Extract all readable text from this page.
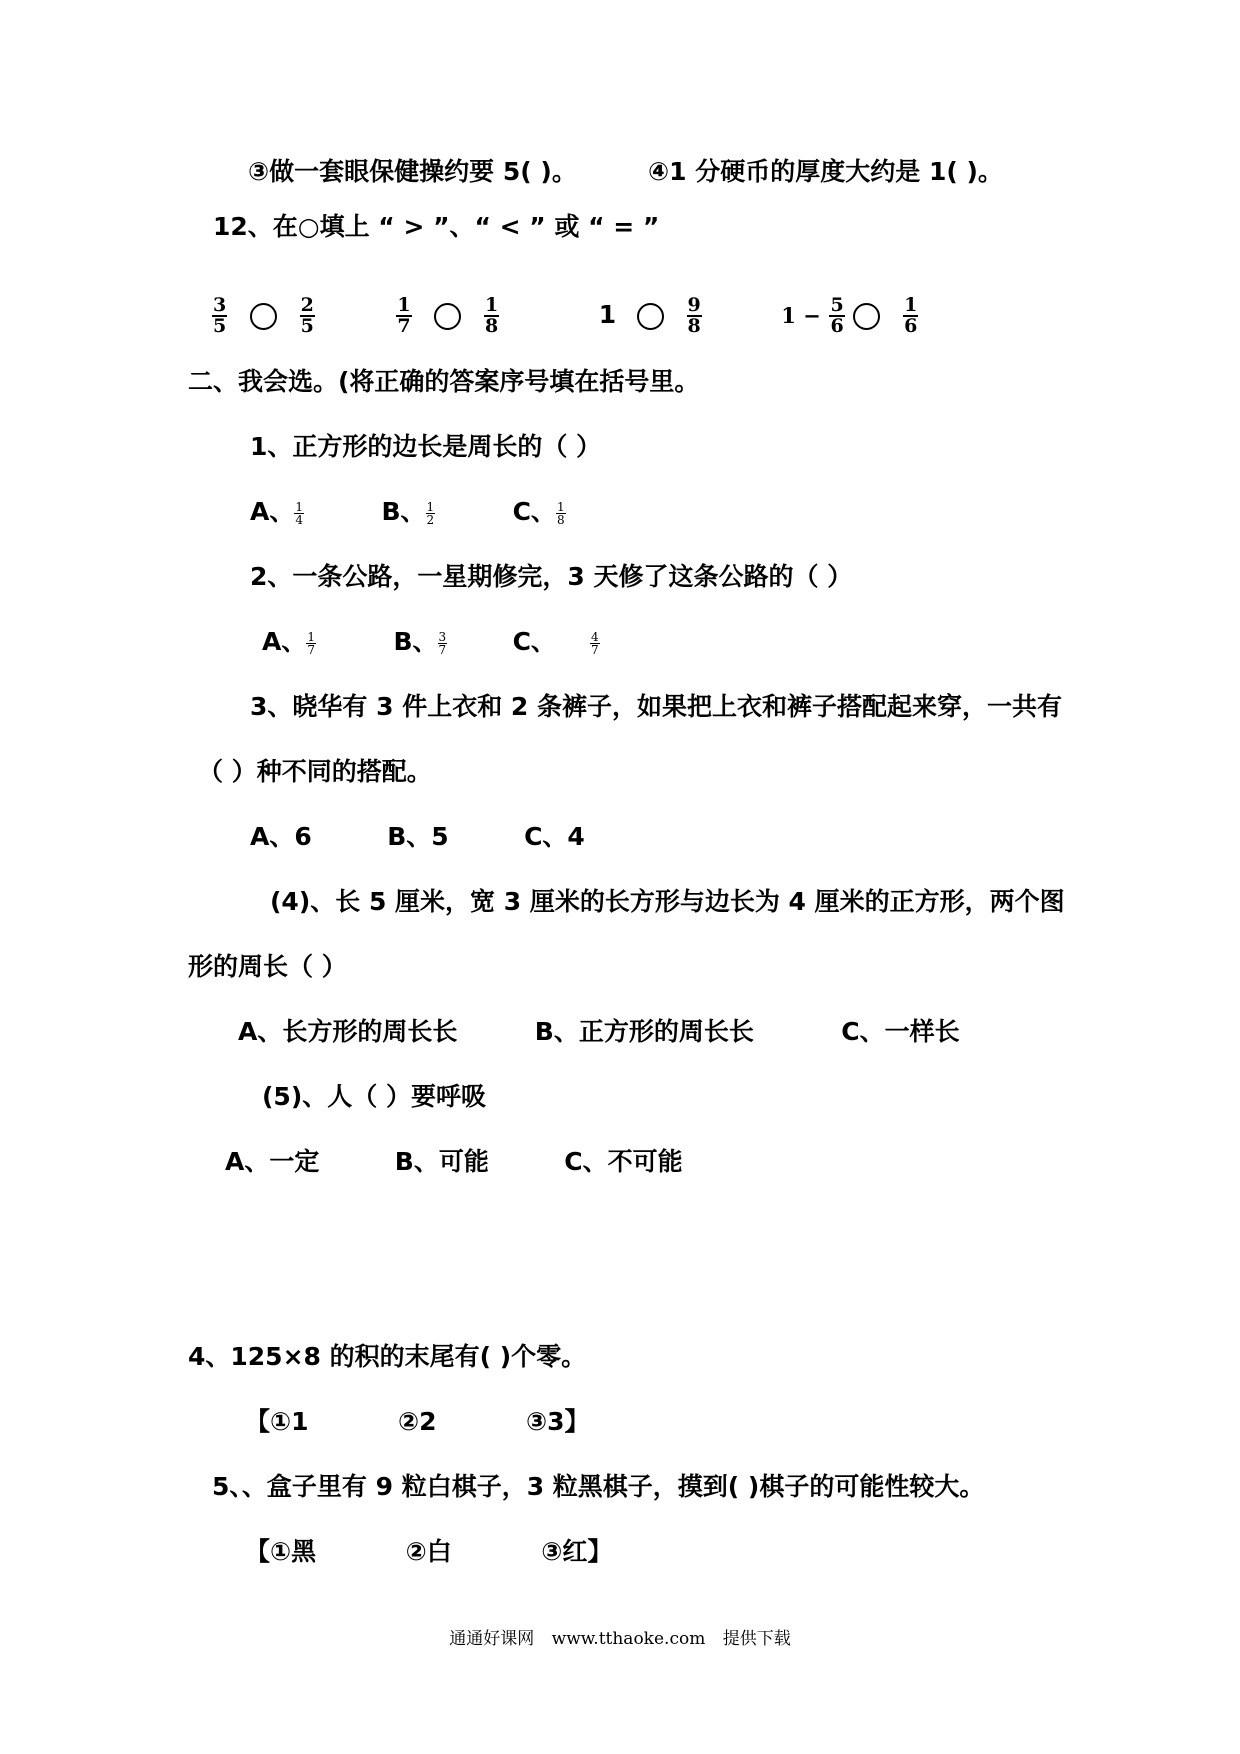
③做一套眼保健操约要 5( )。	④1 分硬币的厚度大约是 1( )。
12、在○填上 “ > ”、“ < ” 或 “ = ”
$\frac{3}{5}$
	$\frac{2}{5}$
	$\frac{1}{7}$
	$\frac{1}{8}$	1	$\frac{9}{8}$	$1 - \frac{5}{6}$
	$\frac{1}{6}$
二、我会选。(将正确的答案序号填在括号里。
1、正方形的边长是周长的（ ）
A、 $\frac{1}{4}$	B、 $\frac{1}{2}$	C、 $\frac{1}{8}$
2、一条公路，一星期修完，3 天修了这条公路的（ ）
A、 $\frac{1}{7}$	B、 $\frac{3}{7}$	C、	$\frac{4}{7}$
3、晓华有 3 件上衣和 2 条裤子，如果把上衣和裤子搭配起来穿，一共有
（ ）种不同的搭配。
A、6	B、5	C、4
(4)、长 5 厘米，宽 3 厘米的长方形与边长为 4 厘米的正方形，两个图
形的周长（ ）
A、长方形的周长长	B、正方形的周长长	C、一样长
(5)、人（ ）要呼吸
A、一定	B、可能	C、不可能
4、125×8 的积的末尾有( )个零。
【①1	②2	③3】
5、、盒子里有 9 粒白棋子，3 粒黑棋子，摸到( )棋子的可能性较大。
【①黑	②白	③红】
通通好课网 www.tthaoke.com 提供下载
